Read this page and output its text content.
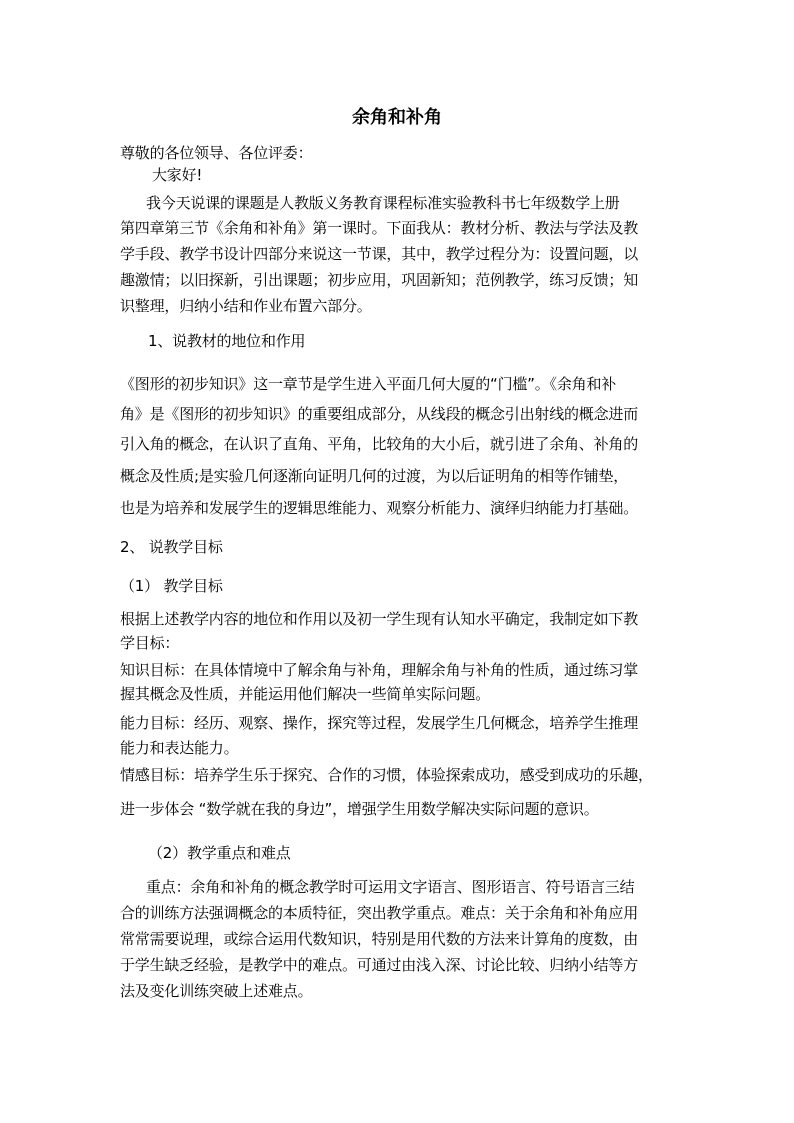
余角和补角
尊敬的各位领导、各位评委：
大家好!
我今天说课的课题是人教版义务教育课程标准实验教科书七年级数学上册
第四章第三节《余角和补角》第一课时。下面我从：教材分析、教法与学法及教
学手段、教学书设计四部分来说这一节课，其中，教学过程分为：设置问题，以
趣激情；以旧探新，引出课题；初步应用，巩固新知；范例教学，练习反馈；知
识整理，归纳小结和作业布置六部分。
1、说教材的地位和作用
《图形的初步知识》这一章节是学生进入平面几何大厦的“门槛”。《余角和补
角》是《图形的初步知识》的重要组成部分，从线段的概念引出射线的概念进而
引入角的概念，在认识了直角、平角，比较角的大小后，就引进了余角、补角的
概念及性质;是实验几何逐渐向证明几何的过渡，为以后证明角的相等作铺垫，
也是为培养和发展学生的逻辑思维能力、观察分析能力、演绎归纳能力打基础。
2、 说教学目标
（1） 教学目标
根据上述教学内容的地位和作用以及初一学生现有认知水平确定，我制定如下教
学目标：
知识目标：在具体情境中了解余角与补角，理解余角与补角的性质，通过练习掌
握其概念及性质，并能运用他们解决一些简单实际问题。
能力目标：经历、观察、操作，探究等过程，发展学生几何概念，培养学生推理
能力和表达能力。
情感目标：培养学生乐于探究、合作的习惯，体验探索成功，感受到成功的乐趣，
进一步体会 “数学就在我的身边”，增强学生用数学解决实际问题的意识。
（2）教学重点和难点
重点：余角和补角的概念教学时可运用文字语言、图形语言、符号语言三结
合的训练方法强调概念的本质特征，突出教学重点。难点：关于余角和补角应用
常常需要说理，或综合运用代数知识，特别是用代数的方法来计算角的度数，由
于学生缺乏经验，是教学中的难点。可通过由浅入深、讨论比较、归纳小结等方
法及变化训练突破上述难点。
